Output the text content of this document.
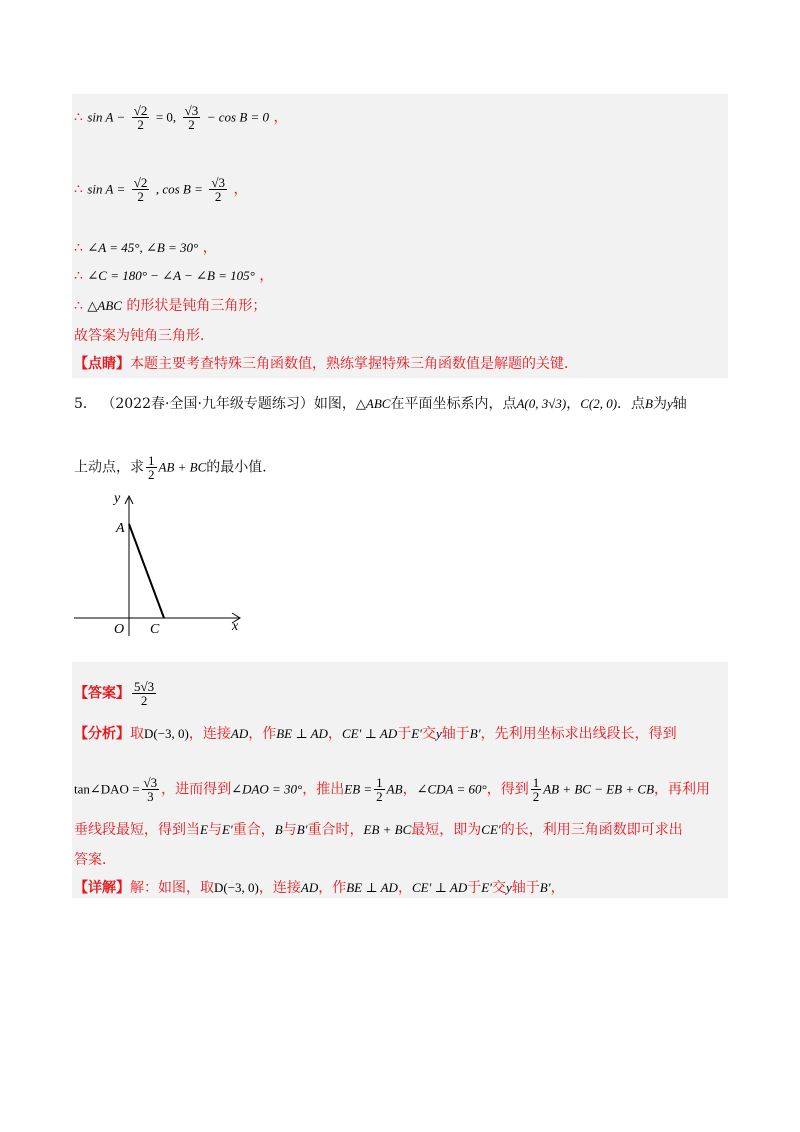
∴ $\sin A - \frac{√2}{2} = 0$, $\frac{√3}{2} - \cos B = 0$ ，
∴ $\sin A = \frac{√2}{2}$ , $\cos B = \frac{√3}{2}$ ，
∴ ∠A = 45°, ∠B = 30° ，
∴ ∠C = 180° − ∠A − ∠B = 105° ，
∴ △ABC 的形状是钝角三角形；
故答案为钝角三角形．
【点睛】本题主要考查特殊三角函数值，熟练掌握特殊三角函数值是解题的关键．
5． （2022春·全国·九年级专题练习）如图，△ABC在平面坐标系内，点A(0, 3√3)，C(2, 0)．点B为y轴
上动点，求 $\frac{1}{2}$ AB + BC的最小值．
y
x
A
O C
【答案】 $\frac{5√3}{2}$
【分析】取D(−3, 0)，连接AD，作BE ⊥ AD，CE′ ⊥ AD于E′交y轴于B′，先利用坐标求出线段长，得到
tan∠DAO = $\frac{√3}{3}$ ，进而得到∠DAO = 30°，推出EB = $\frac{1}{2}$ AB，∠CDA = 60°，得到 $\frac{1}{2}$ AB + BC − EB + CB，再利用
垂线段最短，得到当E与E′重合，B与B′重合时，EB + BC最短，即为CE′的长，利用三角函数即可求出
答案．
【详解】解：如图，取D(−3, 0)，连接AD，作BE ⊥ AD，CE′ ⊥ AD于E′交y轴于B′，
